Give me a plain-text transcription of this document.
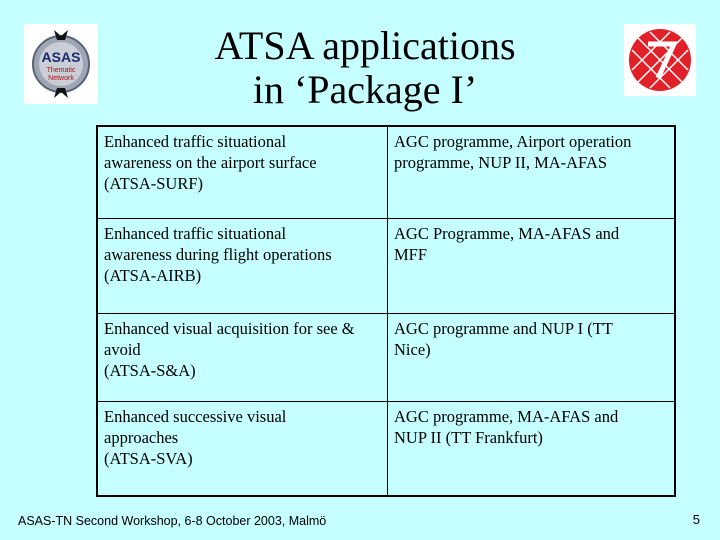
ASAS
Thematic
Network
ATSA applications
in ‘Package I’
Enhanced traffic situational
awareness on the airport surface
(ATSA-SURF)	AGC programme, Airport operation
programme, NUP II, MA-AFAS
Enhanced traffic situational
awareness during flight operations
(ATSA-AIRB)	AGC Programme, MA-AFAS and
MFF
Enhanced visual acquisition for see &
avoid
(ATSA-S&A)	AGC programme and NUP I (TT
Nice)
Enhanced successive visual
approaches
(ATSA-SVA)	AGC programme, MA-AFAS and
NUP II (TT Frankfurt)
ASAS-TN Second Workshop, 6-8 October 2003, Malmö	5
